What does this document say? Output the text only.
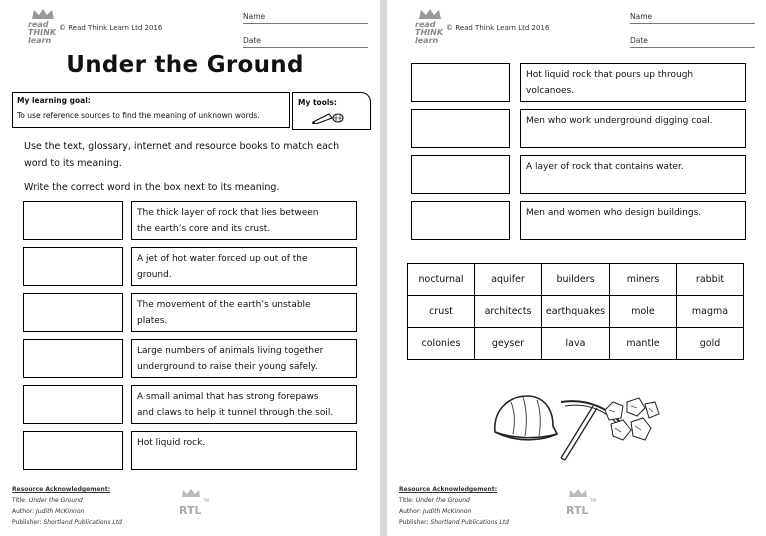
read
THINK
learn
© Read Think Learn Ltd 2016
Name
Date
Under the Ground
My learning goal:
To use reference sources to find the meaning of unknown words.
My tools:
Use the text, glossary, internet and resource books to match each
word to its meaning.
Write the correct word in the box next to its meaning.
The thick layer of rock that lies between
the earth’s core and its crust.
A jet of hot water forced up out of the
ground.
The movement of the earth’s unstable
plates.
Large numbers of animals living together
underground to raise their young safely.
A small animal that has strong forepaws
and claws to help it tunnel through the soil.
Hot liquid rock.
Resource Acknowledgement:
Title: Under the Ground
Author: Judith McKinnon
Publisher: Shortland Publications Ltd
RTL
TM
read
THINK
learn
© Read Think Learn Ltd 2016
Name
Date
Hot liquid rock that pours up through
volcanoes.
Men who work underground digging coal.
A layer of rock that contains water.
Men and women who design buildings.
nocturnal	aquifer	builders	miners	rabbit
crust	architects	earthquakes	mole	magma
colonies	geyser	lava	mantle	gold
Resource Acknowledgement:
Title: Under the Ground
Author: Judith McKinnon
Publisher: Shortland Publications Ltd
RTL
TM
